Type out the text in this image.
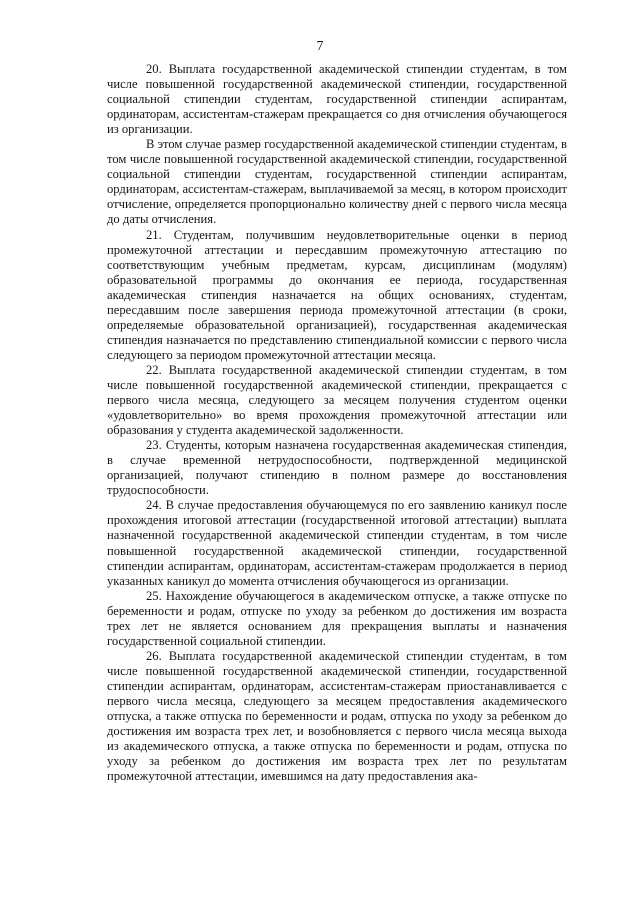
7

20. Выплата государственной академической стипендии студентам, в том числе повышенной государственной академической стипендии, государственной социальной стипендии студентам, государственной стипендии аспирантам, ординаторам, ассистентам-стажерам прекращается со дня отчисления обучающегося из организации.

В этом случае размер государственной академической стипендии студентам, в том числе повышенной государственной академической стипендии, государственной социальной стипендии студентам, государственной стипендии аспирантам, ординаторам, ассистентам-стажерам, выплачиваемой за месяц, в котором происходит отчисление, определяется пропорционально количеству дней с первого числа месяца до даты отчисления.

21. Студентам, получившим неудовлетворительные оценки в период промежуточной аттестации и пересдавшим промежуточную аттестацию по соответствующим учебным предметам, курсам, дисциплинам (модулям) образовательной программы до окончания ее периода, государственная академическая стипендия назначается на общих основаниях, студентам, пересдавшим после завершения периода промежуточной аттестации (в сроки, определяемые образовательной организацией), государственная академическая стипендия назначается по представлению стипендиальной комиссии с первого числа следующего за периодом промежуточной аттестации месяца.

22. Выплата государственной академической стипендии студентам, в том числе повышенной государственной академической стипендии, прекращается с первого числа месяца, следующего за месяцем получения студентом оценки «удовлетворительно» во время прохождения промежуточной аттестации или образования у студента академической задолженности.

23. Студенты, которым назначена государственная академическая стипендия, в случае временной нетрудоспособности, подтвержденной медицинской организацией, получают стипендию в полном размере до восстановления трудоспособности.

24. В случае предоставления обучающемуся по его заявлению каникул после прохождения итоговой аттестации (государственной итоговой аттестации) выплата назначенной государственной академической стипендии студентам, в том числе повышенной государственной академической стипендии, государственной стипендии аспирантам, ординаторам, ассистентам-стажерам продолжается в период указанных каникул до момента отчисления обучающегося из организации.

25. Нахождение обучающегося в академическом отпуске, а также отпуске по беременности и родам, отпуске по уходу за ребенком до достижения им возраста трех лет не является основанием для прекращения выплаты и назначения государственной социальной стипендии.

26. Выплата государственной академической стипендии студентам, в том числе повышенной государственной академической стипендии, государственной стипендии аспирантам, ординаторам, ассистентам-стажерам приостанавливается с первого числа месяца, следующего за месяцем предоставления академического отпуска, а также отпуска по беременности и родам, отпуска по уходу за ребенком до достижения им возраста трех лет, и возобновляется с первого числа месяца выхода из академического отпуска, а также отпуска по беременности и родам, отпуска по уходу за ребенком до достижения им возраста трех лет по результатам промежуточной аттестации, имевшимся на дату предоставления ака-
